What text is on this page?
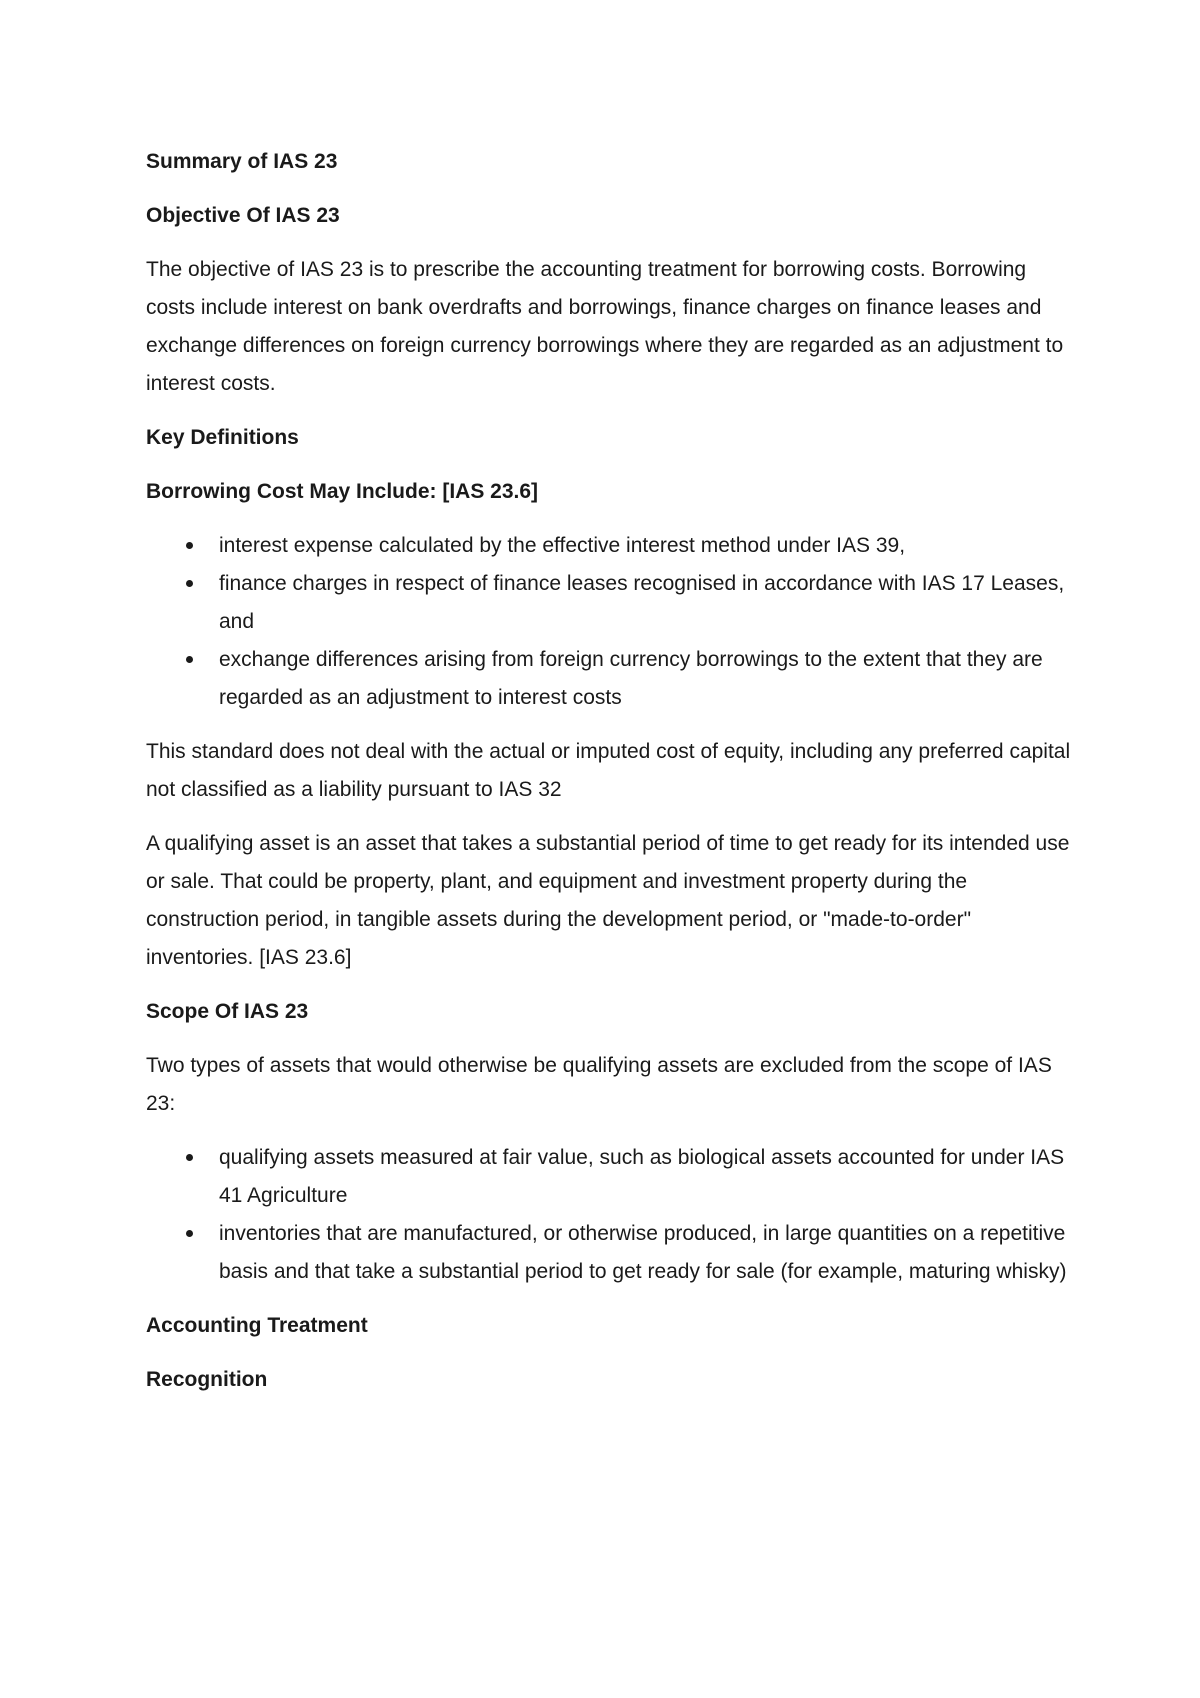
Summary of IAS 23
Objective Of IAS 23
The objective of IAS 23 is to prescribe the accounting treatment for borrowing costs. Borrowing costs include interest on bank overdrafts and borrowings, finance charges on finance leases and exchange differences on foreign currency borrowings where they are regarded as an adjustment to interest costs.
Key Definitions
Borrowing Cost May Include: [IAS 23.6]
interest expense calculated by the effective interest method under IAS 39,
finance charges in respect of finance leases recognised in accordance with IAS 17 Leases, and
exchange differences arising from foreign currency borrowings to the extent that they are regarded as an adjustment to interest costs
This standard does not deal with the actual or imputed cost of equity, including any preferred capital not classified as a liability pursuant to IAS 32
A qualifying asset is an asset that takes a substantial period of time to get ready for its intended use or sale. That could be property, plant, and equipment and investment property during the construction period, in tangible assets during the development period, or "made-to-order" inventories. [IAS 23.6]
Scope Of IAS 23
Two types of assets that would otherwise be qualifying assets are excluded from the scope of IAS 23:
qualifying assets measured at fair value, such as biological assets accounted for under IAS 41 Agriculture
inventories that are manufactured, or otherwise produced, in large quantities on a repetitive basis and that take a substantial period to get ready for sale (for example, maturing whisky)
Accounting Treatment
Recognition
